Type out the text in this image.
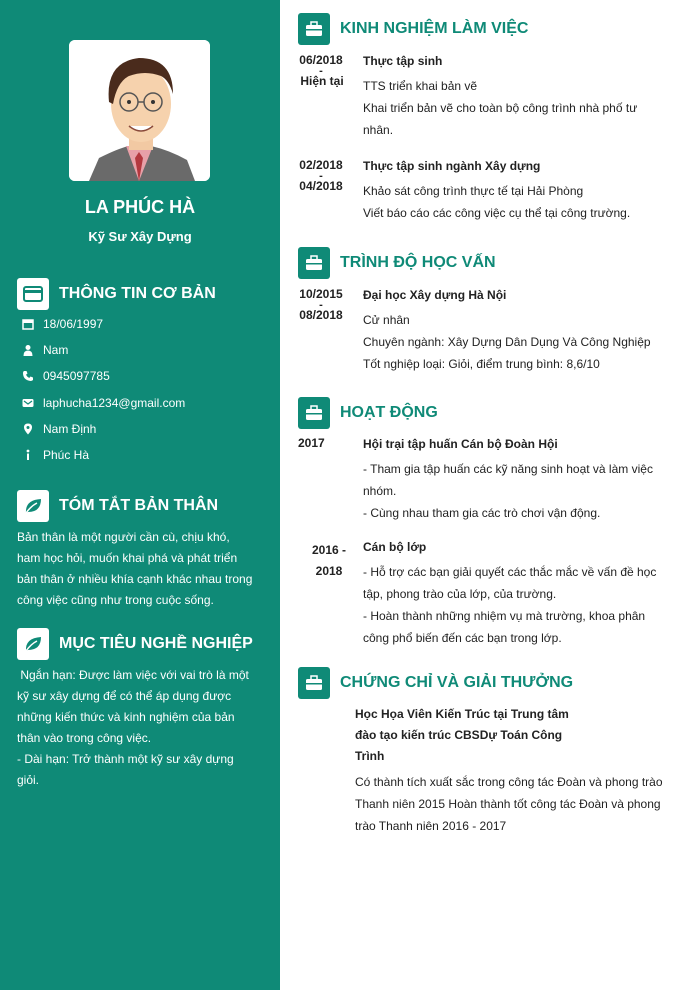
LA PHÚC HÀ
Kỹ Sư Xây Dựng
THÔNG TIN CƠ BẢN
18/06/1997
Nam
0945097785
laphucha1234@gmail.com
Nam Định
Phúc Hà
TÓM TẮT BẢN THÂN
Bản thân là một người cần cù, chịu khó,
ham học hỏi, muốn khai phá và phát triển
bản thân ở nhiều khía cạnh khác nhau trong
công việc cũng như trong cuộc sống.
MỤC TIÊU NGHỀ NGHIỆP
Ngắn hạn: Được làm việc với vai trò là một
kỹ sư xây dựng để có thể áp dụng được
những kiến thức và kinh nghiệm của bản
thân vào trong công việc.
- Dài hạn: Trở thành một kỹ sư xây dựng
giỏi.
KINH NGHIỆM LÀM VIỆC
06/2018
-
Hiện tại
Thực tập sinh
TTS triển khai bản vẽ
Khai triển bản vẽ cho toàn bộ công trình nhà phố tư
nhân.
02/2018
-
04/2018
Thực tập sinh ngành Xây dựng
Khảo sát công trình thực tế tại Hải Phòng
Viết báo cáo các công việc cụ thể tại công trường.
TRÌNH ĐỘ HỌC VẤN
10/2015
-
08/2018
Đại học Xây dựng Hà Nội
Cử nhân
Chuyên ngành: Xây Dựng Dân Dụng Và Công Nghiệp
Tốt nghiệp loại: Giỏi, điểm trung bình: 8,6/10
HOẠT ĐỘNG
2017	Hội trại tập huấn Cán bộ Đoàn Hội
- Tham gia tập huấn các kỹ năng sinh hoạt và làm việc
nhóm.
- Cùng nhau tham gia các trò chơi vận động.
2016 -
2018
Cán bộ lớp
- Hỗ trợ các bạn giải quyết các thắc mắc về vấn đề học
tập, phong trào của lớp, của trường.
- Hoàn thành những nhiệm vụ mà trường, khoa phân
công phổ biến đến các bạn trong lớp.
CHỨNG CHỈ VÀ GIẢI THƯỞNG
Học Họa Viên Kiến Trúc tại Trung tâm
đào tạo kiến trúc CBSDự Toán Công
Trình
Có thành tích xuất sắc trong công tác Đoàn và phong trào
Thanh niên 2015 Hoàn thành tốt công tác Đoàn và phong
trào Thanh niên 2016 - 2017
